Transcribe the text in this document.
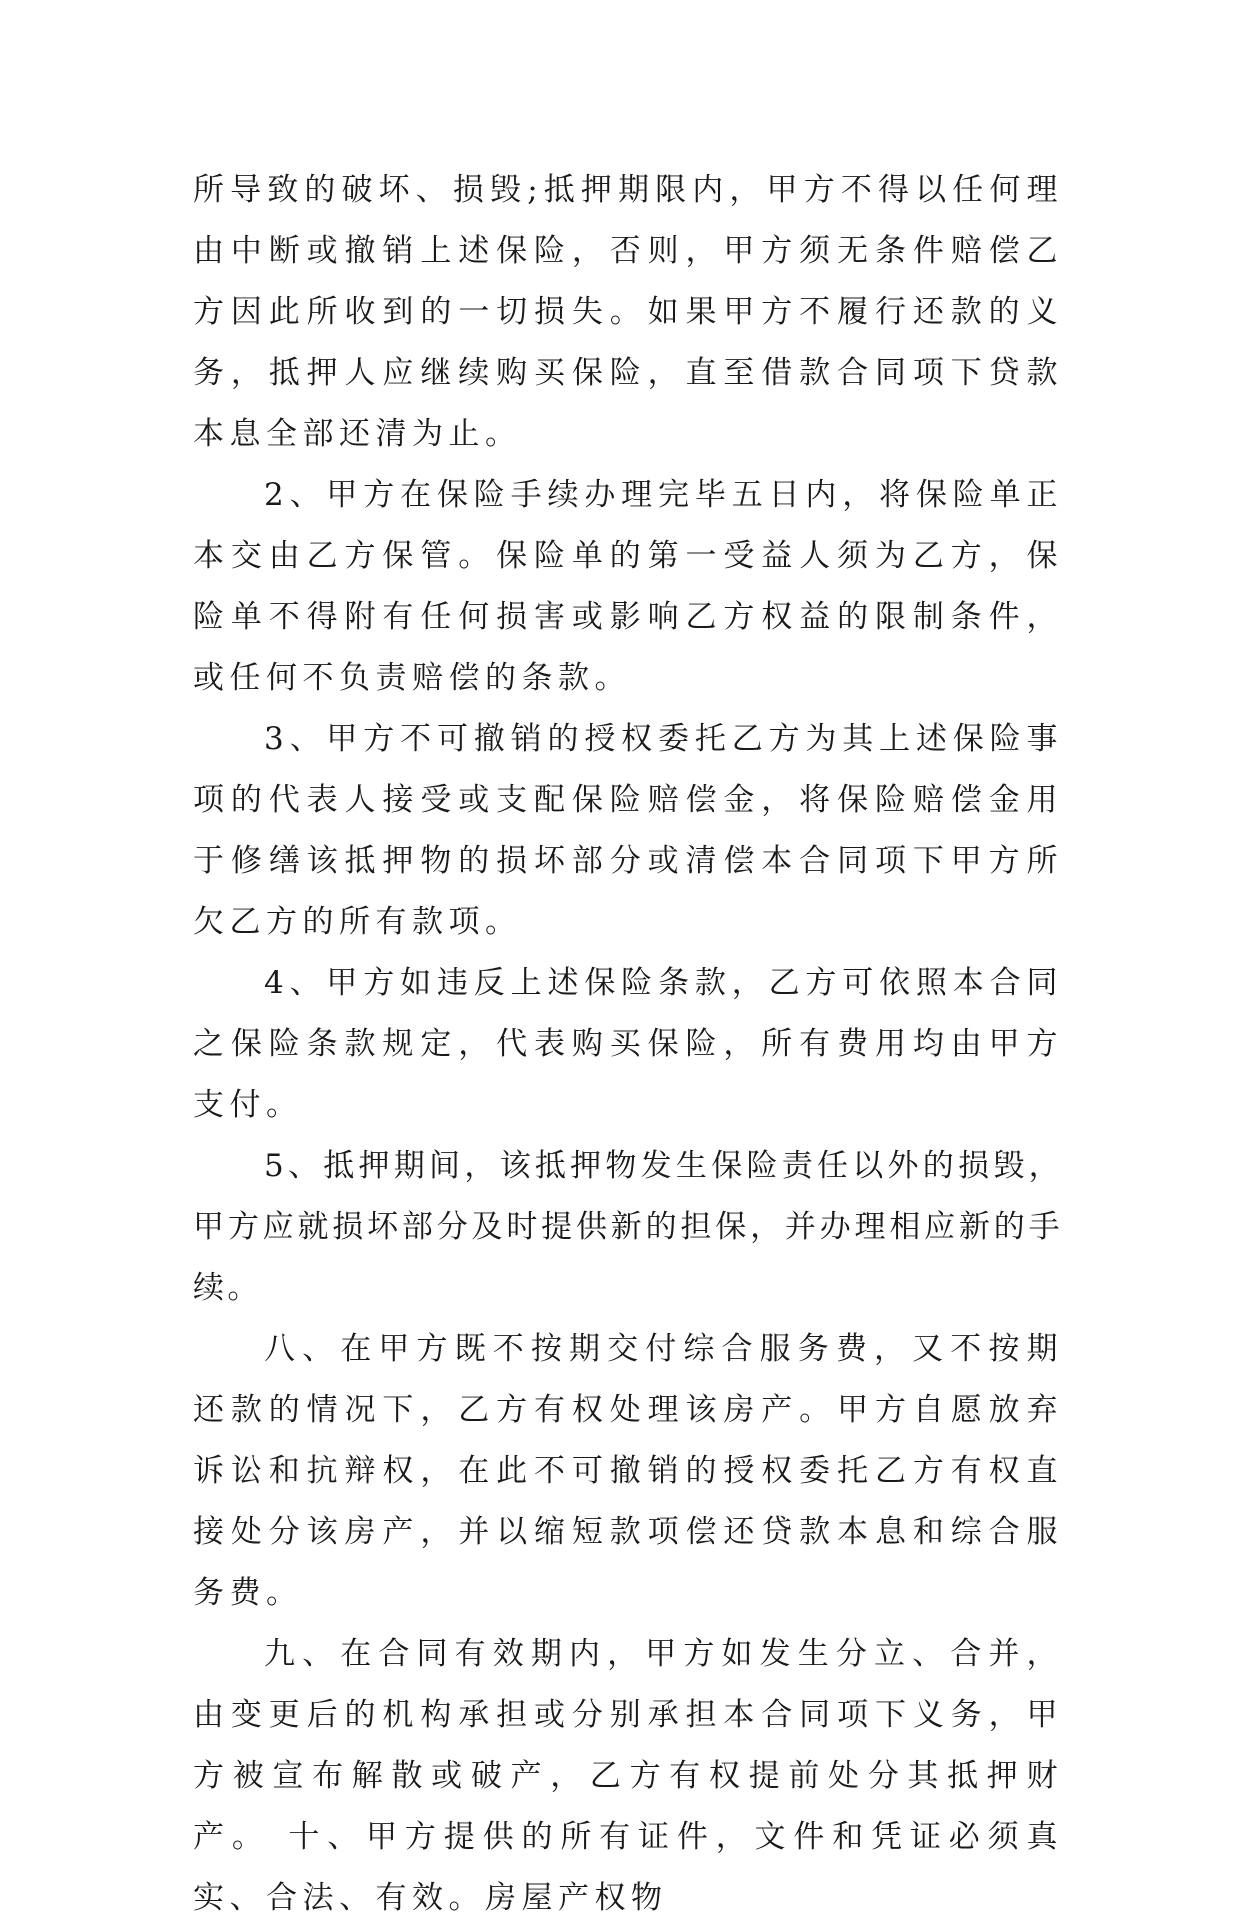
所导致的破坏、损毁;抵押期限内，甲方不得以任何理由中断或撤销上述保险，否则，甲方须无条件赔偿乙方因此所收到的一切损失。如果甲方不履行还款的义务，抵押人应继续购买保险，直至借款合同项下贷款本息全部还清为止。

2、甲方在保险手续办理完毕五日内，将保险单正本交由乙方保管。保险单的第一受益人须为乙方，保险单不得附有任何损害或影响乙方权益的限制条件，或任何不负责赔偿的条款。

3、甲方不可撤销的授权委托乙方为其上述保险事项的代表人接受或支配保险赔偿金，将保险赔偿金用于修缮该抵押物的损坏部分或清偿本合同项下甲方所欠乙方的所有款项。

4、甲方如违反上述保险条款，乙方可依照本合同之保险条款规定，代表购买保险，所有费用均由甲方支付。

5、抵押期间，该抵押物发生保险责任以外的损毁，甲方应就损坏部分及时提供新的担保，并办理相应新的手续。

八、在甲方既不按期交付综合服务费，又不按期还款的情况下，乙方有权处理该房产。甲方自愿放弃诉讼和抗辩权，在此不可撤销的授权委托乙方有权直接处分该房产，并以缩短款项偿还贷款本息和综合服务费。

九、在合同有效期内，甲方如发生分立、合并，由变更后的机构承担或分别承担本合同项下义务，甲方被宣布解散或破产，乙方有权提前处分其抵押财产。 十、甲方提供的所有证件，文件和凭证必须真实、合法、有效。房屋产权物
